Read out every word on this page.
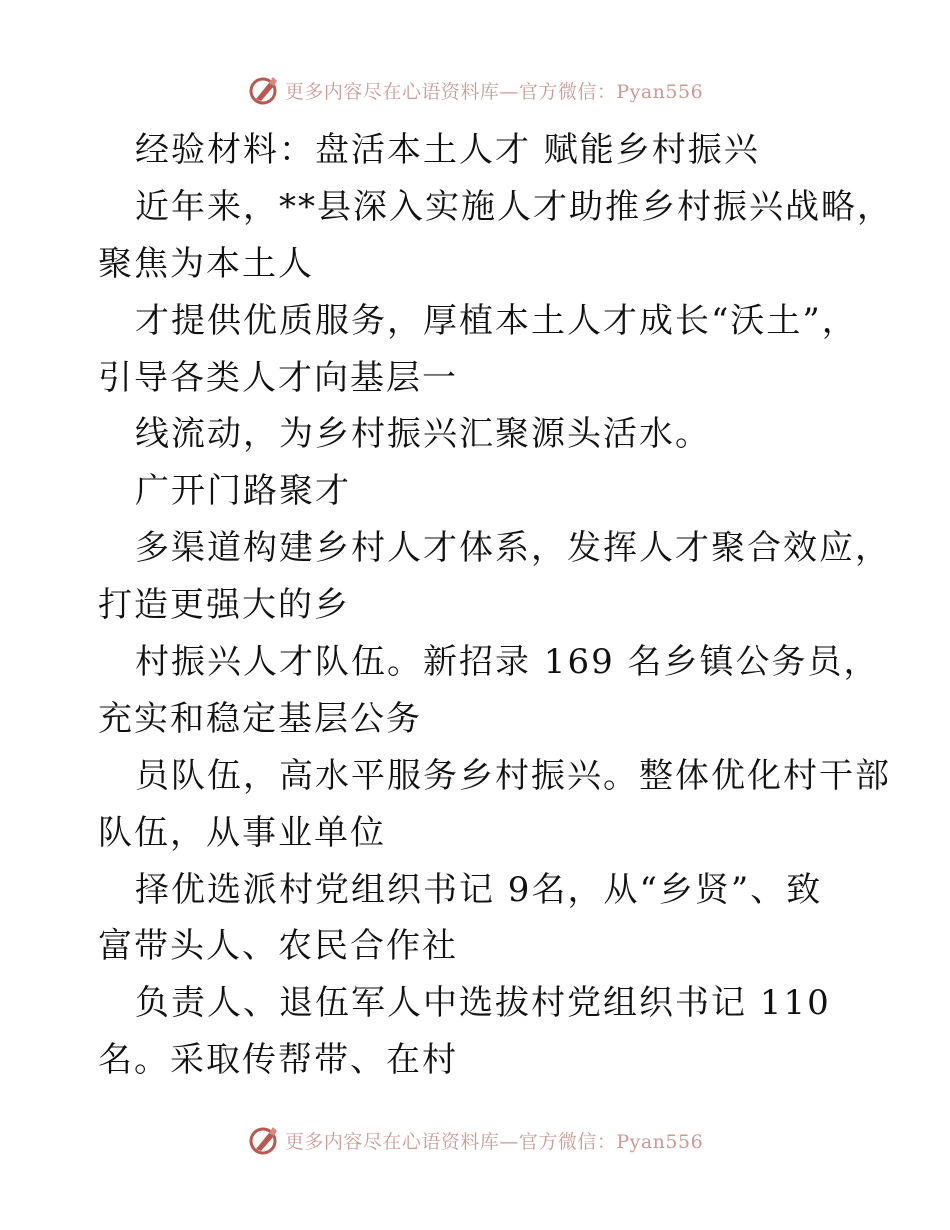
更多内容尽在心语资料库—官方微信：Pyan556
经验材料：盘活本土人才 赋能乡村振兴
近年来，**县深入实施人才助推乡村振兴战略，
聚焦为本土人
才提供优质服务，厚植本土人才成长“沃土”，
引导各类人才向基层一
线流动，为乡村振兴汇聚源头活水。
广开门路聚才
多渠道构建乡村人才体系，发挥人才聚合效应，
打造更强大的乡
村振兴人才队伍。新招录 169 名乡镇公务员，
充实和稳定基层公务
员队伍，高水平服务乡村振兴。整体优化村干部
队伍，从事业单位
择优选派村党组织书记 9名，从“乡贤”、致
富带头人、农民合作社
负责人、退伍军人中选拔村党组织书记 110
名。采取传帮带、在村
更多内容尽在心语资料库—官方微信：Pyan556
